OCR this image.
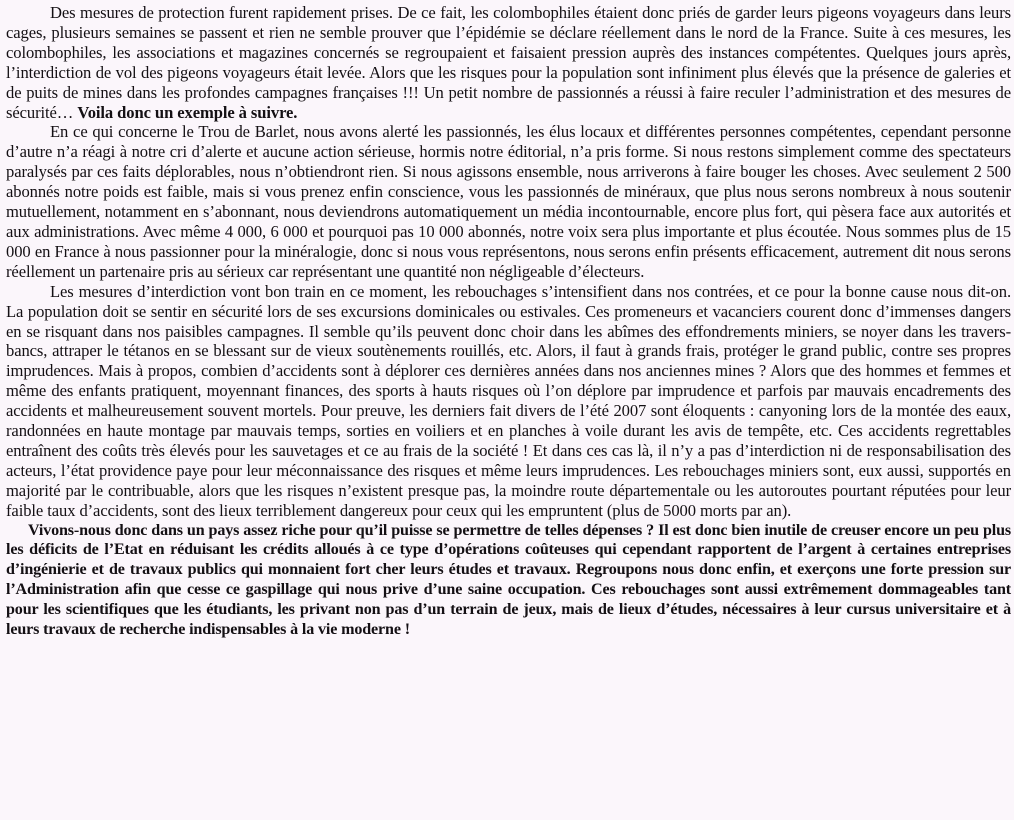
Des mesures de protection furent rapidement prises. De ce fait, les colombophiles étaient donc priés de garder leurs pigeons voyageurs dans leurs cages, plusieurs semaines se passent et rien ne semble prouver que l’épidémie se déclare réellement dans le nord de la France. Suite à ces mesures, les colombophiles, les associations et magazines concernés se regroupaient et faisaient pression auprès des instances compétentes. Quelques jours après, l’interdiction de vol des pigeons voyageurs était levée. Alors que les risques pour la population sont infiniment plus élevés que la présence de galeries et de puits de mines dans les profondes campagnes françaises !!! Un petit nombre de passionnés a réussi à faire reculer l’administration et des mesures de sécurité… Voila donc un exemple à suivre.

En ce qui concerne le Trou de Barlet, nous avons alerté les passionnés, les élus locaux et différentes personnes compétentes, cependant personne d’autre n’a réagi à notre cri d’alerte et aucune action sérieuse, hormis notre éditorial, n’a pris forme. Si nous restons simplement comme des spectateurs paralysés par ces faits déplorables, nous n’obtiendront rien. Si nous agissons ensemble, nous arriverons à faire bouger les choses. Avec seulement 2 500 abonnés notre poids est faible, mais si vous prenez enfin conscience, vous les passionnés de minéraux, que plus nous serons nombreux à nous soutenir mutuellement, notamment en s’abonnant, nous deviendrons automatiquement un média incontournable, encore plus fort, qui pèsera face aux autorités et aux administrations. Avec même 4 000, 6 000 et pourquoi pas 10 000 abonnés, notre voix sera plus importante et plus écoutée. Nous sommes plus de 15 000 en France à nous passionner pour la minéralogie, donc si nous vous représentons, nous serons enfin présents efficacement, autrement dit nous serons réellement un partenaire pris au sérieux car représentant une quantité non négligeable d’électeurs.

Les mesures d’interdiction vont bon train en ce moment, les rebouchages s’intensifient dans nos contrées, et ce pour la bonne cause nous dit-on. La population doit se sentir en sécurité lors de ses excursions dominicales ou estivales. Ces promeneurs et vacanciers courent donc d’immenses dangers en se risquant dans nos paisibles campagnes. Il semble qu’ils peuvent donc choir dans les abîmes des effondrements miniers, se noyer dans les travers-bancs, attraper le tétanos en se blessant sur de vieux soutènements rouillés, etc. Alors, il faut à grands frais, protéger le grand public, contre ses propres imprudences. Mais à propos, combien d’accidents sont à déplorer ces dernières années dans nos anciennes mines ? Alors que des hommes et femmes et même des enfants pratiquent, moyennant finances, des sports à hauts risques où l’on déplore par imprudence et parfois par mauvais encadrements des accidents et malheureusement souvent mortels. Pour preuve, les derniers fait divers de l’été 2007 sont éloquents : canyoning lors de la montée des eaux, randonnées en haute montage par mauvais temps, sorties en voiliers et en planches à voile durant les avis de tempête, etc. Ces accidents regrettables entraînent des coûts très élevés pour les sauvetages et ce au frais de la société ! Et dans ces cas là, il n’y a pas d’interdiction ni de responsabilisation des acteurs, l’état providence paye pour leur méconnaissance des risques et même leurs imprudences. Les rebouchages miniers sont, eux aussi, supportés en majorité par le contribuable, alors que les risques n’existent presque pas, la moindre route départementale ou les autoroutes pourtant réputées pour leur faible taux d’accidents, sont des lieux terriblement dangereux pour ceux qui les empruntent (plus de 5000 morts par an).

Vivons-nous donc dans un pays assez riche pour qu’il puisse se permettre de telles dépenses ? Il est donc bien inutile de creuser encore un peu plus les déficits de l’Etat en réduisant les crédits alloués à ce type d’opérations coûteuses qui cependant rapportent de l’argent à certaines entreprises d’ingénierie et de travaux publics qui monnaient fort cher leurs études et travaux. Regroupons nous donc enfin, et exerçons une forte pression sur l’Administration afin que cesse ce gaspillage qui nous prive d’une saine occupation. Ces rebouchages sont aussi extrêmement dommageables tant pour les scientifiques que les étudiants, les privant non pas d’un terrain de jeux, mais de lieux d’études, nécessaires à leur cursus universitaire et à leurs travaux de recherche indispensables à la vie moderne !
